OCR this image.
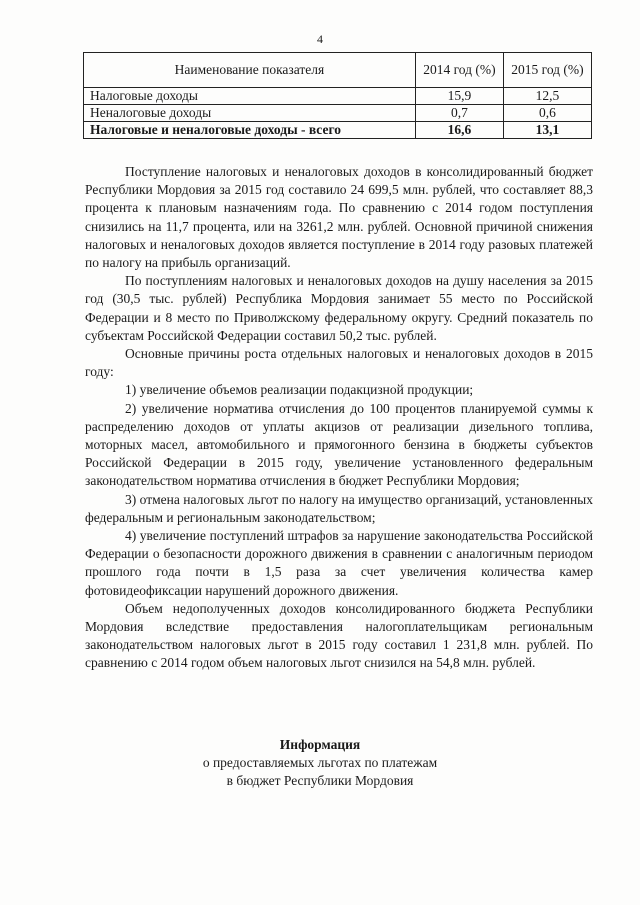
4
Наименование показателя	2014 год (%)	2015 год (%)
Налоговые доходы	15,9	12,5
Неналоговые доходы	0,7	0,6
Налоговые и неналоговые доходы - всего	16,6	13,1

Поступление налоговых и неналоговых доходов в консолидированный бюджет Республики Мордовия за 2015 год составило 24 699,5 млн. рублей, что составляет 88,3 процента к плановым назначениям года. По сравнению с 2014 годом поступления снизились на 11,7 процента, или на 3261,2 млн. рублей. Основной причиной снижения налоговых и неналоговых доходов является поступление в 2014 году разовых платежей по налогу на прибыль организаций.

По поступлениям налоговых и неналоговых доходов на душу населения за 2015 год (30,5 тыс. рублей) Республика Мордовия занимает 55 место по Российской Федерации и 8 место по Приволжскому федеральному округу. Средний показатель по субъектам Российской Федерации составил 50,2 тыс. рублей.

Основные причины роста отдельных налоговых и неналоговых доходов в 2015 году:

1) увеличение объемов реализации подакцизной продукции;

2) увеличение норматива отчисления до 100 процентов планируемой суммы к распределению доходов от уплаты акцизов от реализации дизельного топлива, моторных масел, автомобильного и прямогонного бензина в бюджеты субъектов Российской Федерации в 2015 году, увеличение установленного федеральным законодательством норматива отчисления в бюджет Республики Мордовия;

3) отмена налоговых льгот по налогу на имущество организаций, установленных федеральным и региональным законодательством;

4) увеличение поступлений штрафов за нарушение законодательства Российской Федерации о безопасности дорожного движения в сравнении с аналогичным периодом прошлого года почти в 1,5 раза за счет увеличения количества камер фотовидеофиксации нарушений дорожного движения.

Объем недополученных доходов консолидированного бюджета Республики Мордовия вследствие предоставления налогоплательщикам региональным законодательством налоговых льгот в 2015 году составил 1 231,8 млн. рублей. По сравнению с 2014 годом объем налоговых льгот снизился на 54,8 млн. рублей.

Информация
о предоставляемых льготах по платежам
в бюджет Республики Мордовия
